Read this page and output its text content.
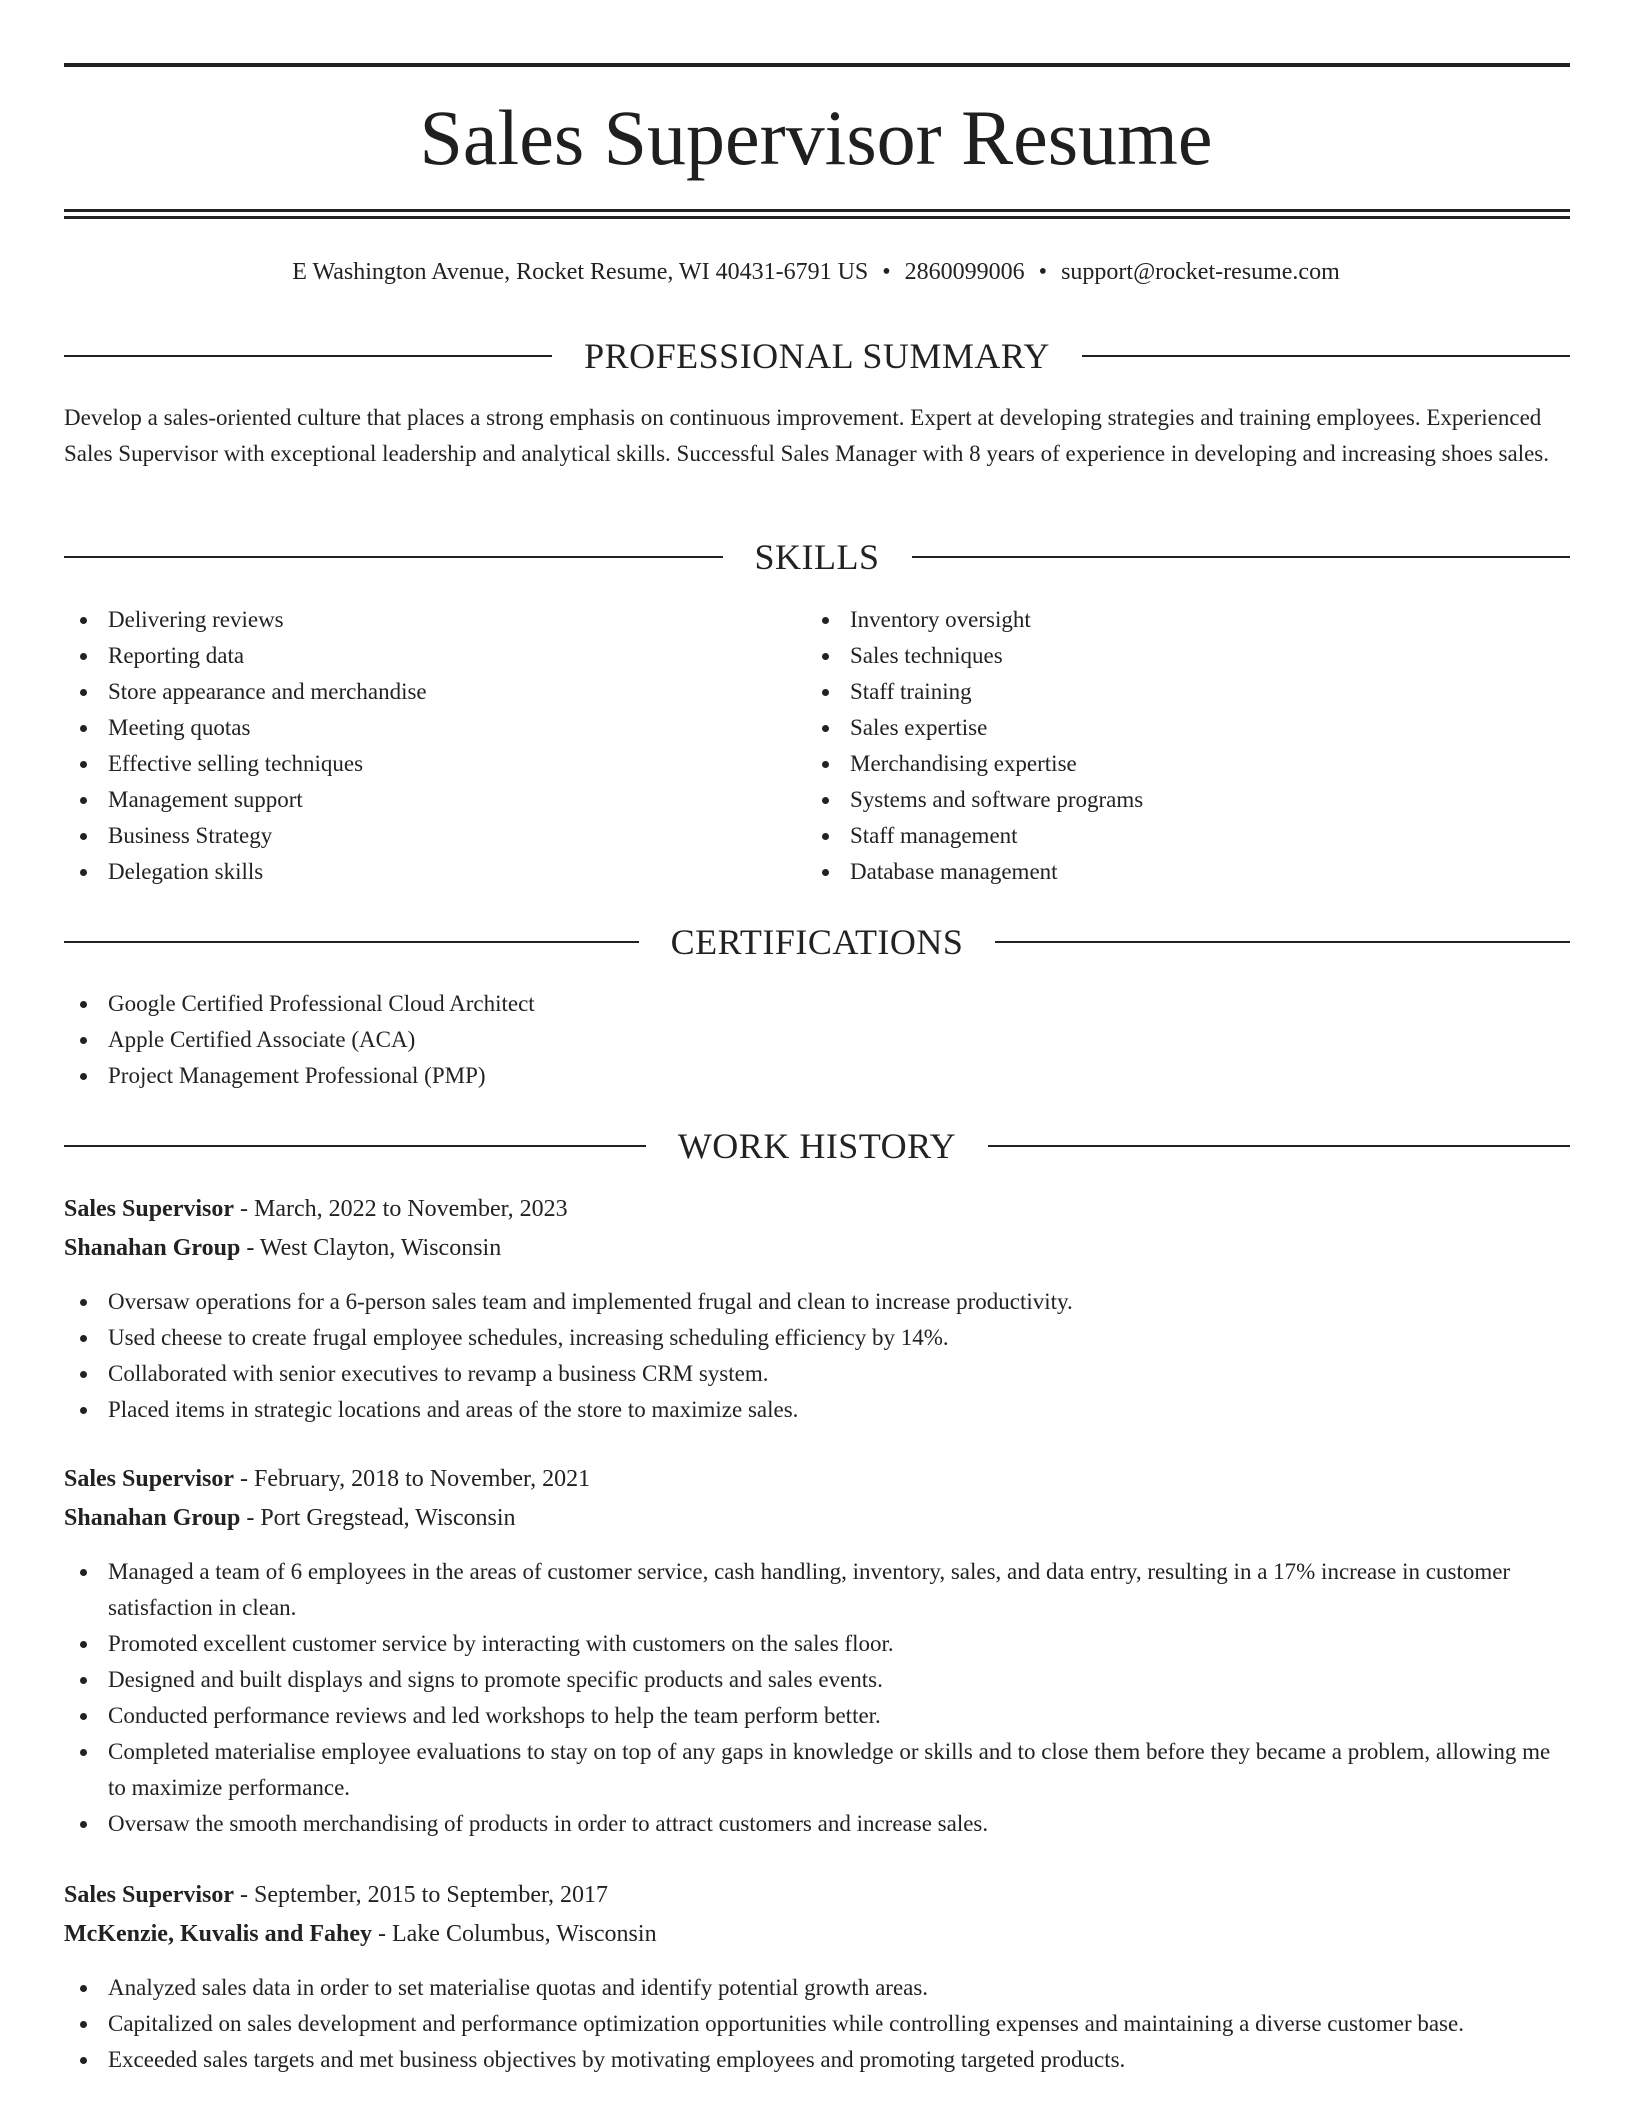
Sales Supervisor Resume
E Washington Avenue, Rocket Resume, WI 40431-6791 US • 2860099006 • support@rocket-resume.com
PROFESSIONAL SUMMARY
Develop a sales-oriented culture that places a strong emphasis on continuous improvement. Expert at developing strategies and training employees. Experienced Sales Supervisor with exceptional leadership and analytical skills. Successful Sales Manager with 8 years of experience in developing and increasing shoes sales.
SKILLS
Delivering reviews
Reporting data
Store appearance and merchandise
Meeting quotas
Effective selling techniques
Management support
Business Strategy
Delegation skills
Inventory oversight
Sales techniques
Staff training
Sales expertise
Merchandising expertise
Systems and software programs
Staff management
Database management
CERTIFICATIONS
Google Certified Professional Cloud Architect
Apple Certified Associate (ACA)
Project Management Professional (PMP)
WORK HISTORY
Sales Supervisor - March, 2022 to November, 2023
Shanahan Group - West Clayton, Wisconsin
Oversaw operations for a 6-person sales team and implemented frugal and clean to increase productivity.
Used cheese to create frugal employee schedules, increasing scheduling efficiency by 14%.
Collaborated with senior executives to revamp a business CRM system.
Placed items in strategic locations and areas of the store to maximize sales.
Sales Supervisor - February, 2018 to November, 2021
Shanahan Group - Port Gregstead, Wisconsin
Managed a team of 6 employees in the areas of customer service, cash handling, inventory, sales, and data entry, resulting in a 17% increase in customer satisfaction in clean.
Promoted excellent customer service by interacting with customers on the sales floor.
Designed and built displays and signs to promote specific products and sales events.
Conducted performance reviews and led workshops to help the team perform better.
Completed materialise employee evaluations to stay on top of any gaps in knowledge or skills and to close them before they became a problem, allowing me to maximize performance.
Oversaw the smooth merchandising of products in order to attract customers and increase sales.
Sales Supervisor - September, 2015 to September, 2017
McKenzie, Kuvalis and Fahey - Lake Columbus, Wisconsin
Analyzed sales data in order to set materialise quotas and identify potential growth areas.
Capitalized on sales development and performance optimization opportunities while controlling expenses and maintaining a diverse customer base.
Exceeded sales targets and met business objectives by motivating employees and promoting targeted products.
